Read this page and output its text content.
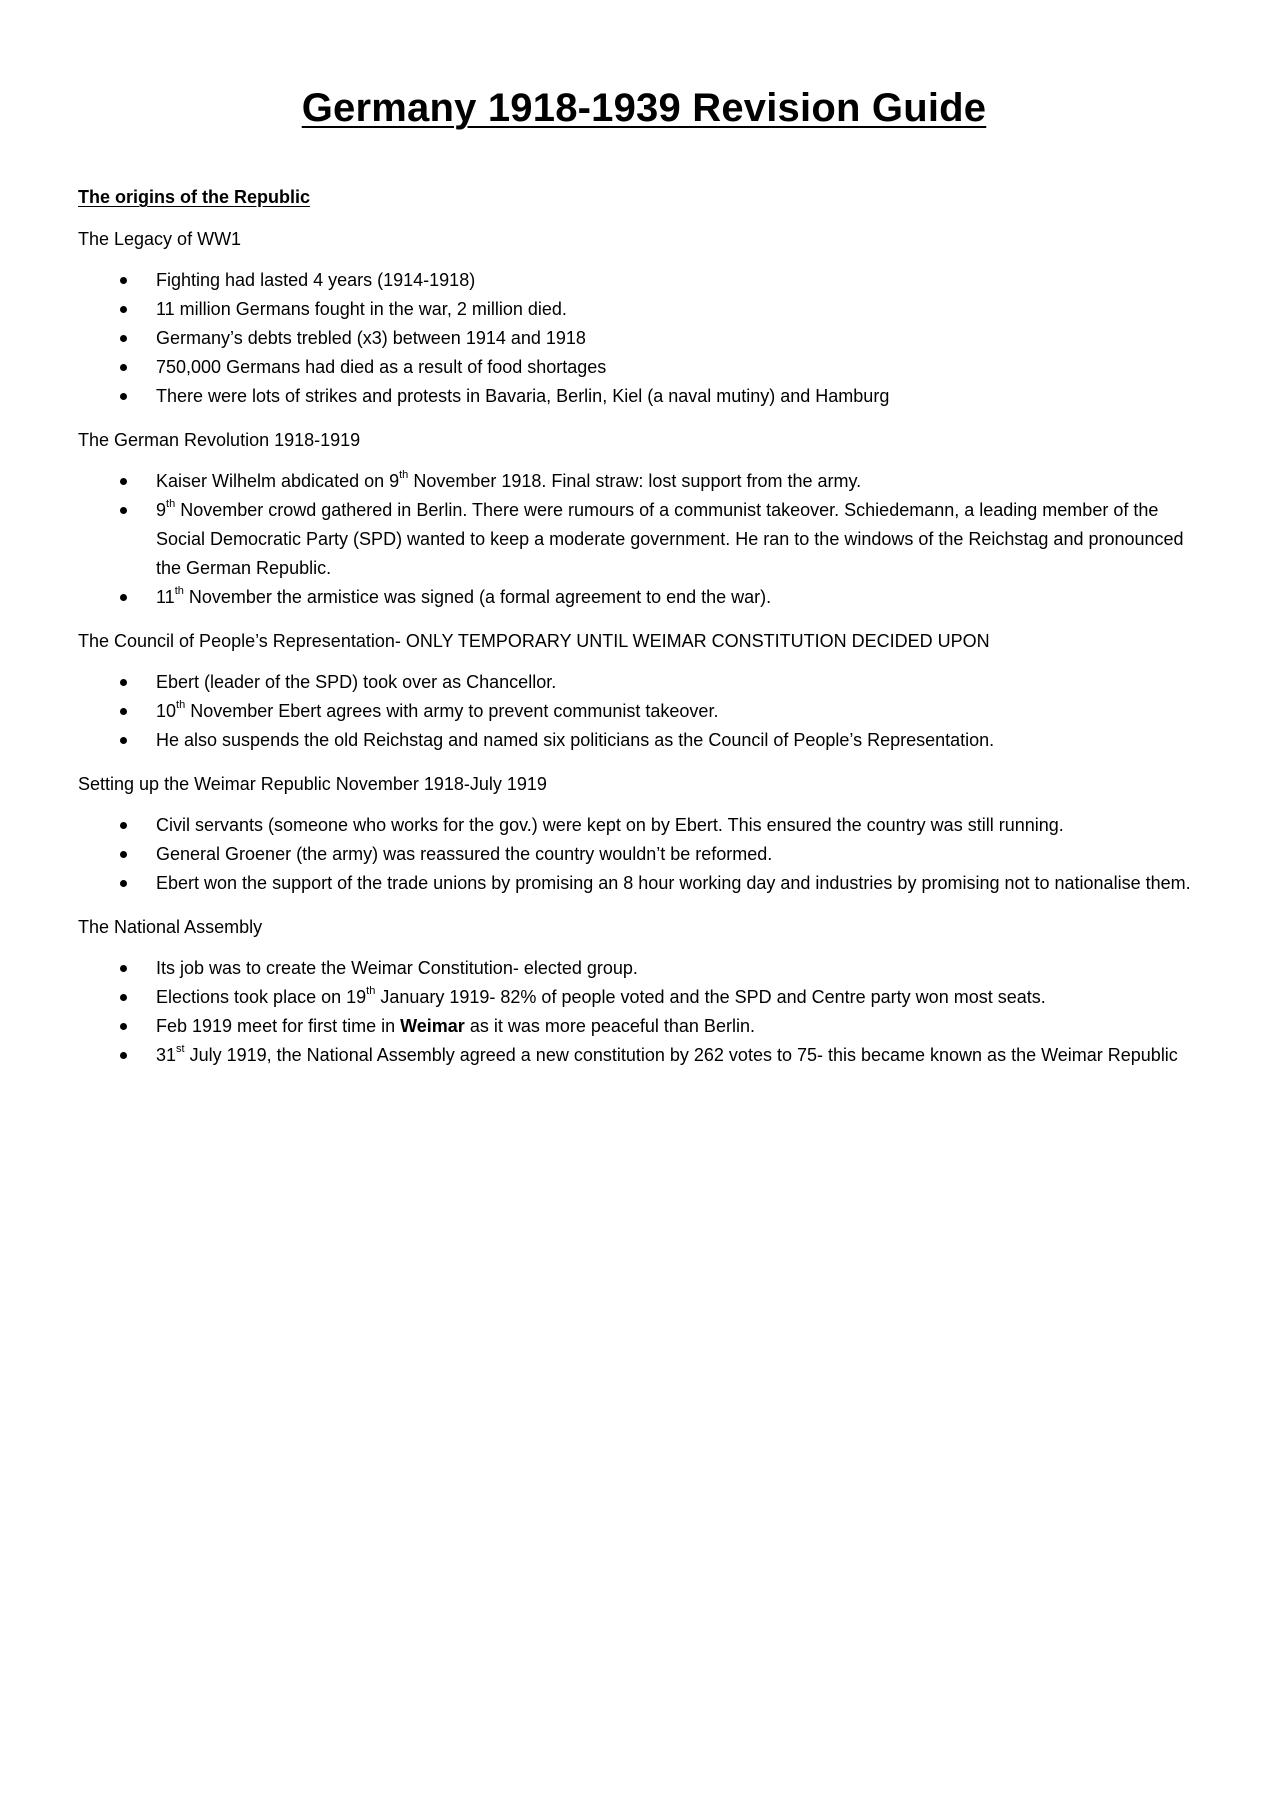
Germany 1918-1939 Revision Guide
The origins of the Republic
The Legacy of WW1
Fighting had lasted 4 years (1914-1918)
11 million Germans fought in the war, 2 million died.
Germany’s debts trebled (x3) between 1914 and 1918
750,000 Germans had died as a result of food shortages
There were lots of strikes and protests in Bavaria, Berlin, Kiel (a naval mutiny) and Hamburg
The German Revolution 1918-1919
Kaiser Wilhelm abdicated on 9th November 1918. Final straw: lost support from the army.
9th November crowd gathered in Berlin. There were rumours of a communist takeover. Schiedemann, a leading member of the Social Democratic Party (SPD) wanted to keep a moderate government. He ran to the windows of the Reichstag and pronounced the German Republic.
11th November the armistice was signed (a formal agreement to end the war).
The Council of People’s Representation- ONLY TEMPORARY UNTIL WEIMAR CONSTITUTION DECIDED UPON
Ebert (leader of the SPD) took over as Chancellor.
10th November Ebert agrees with army to prevent communist takeover.
He also suspends the old Reichstag and named six politicians as the Council of People’s Representation.
Setting up the Weimar Republic November 1918-July 1919
Civil servants (someone who works for the gov.) were kept on by Ebert. This ensured the country was still running.
General Groener (the army) was reassured the country wouldn’t be reformed.
Ebert won the support of the trade unions by promising an 8 hour working day and industries by promising not to nationalise them.
The National Assembly
Its job was to create the Weimar Constitution- elected group.
Elections took place on 19th January 1919- 82% of people voted and the SPD and Centre party won most seats.
Feb 1919 meet for first time in Weimar as it was more peaceful than Berlin.
31st July 1919, the National Assembly agreed a new constitution by 262 votes to 75- this became known as the Weimar Republic
